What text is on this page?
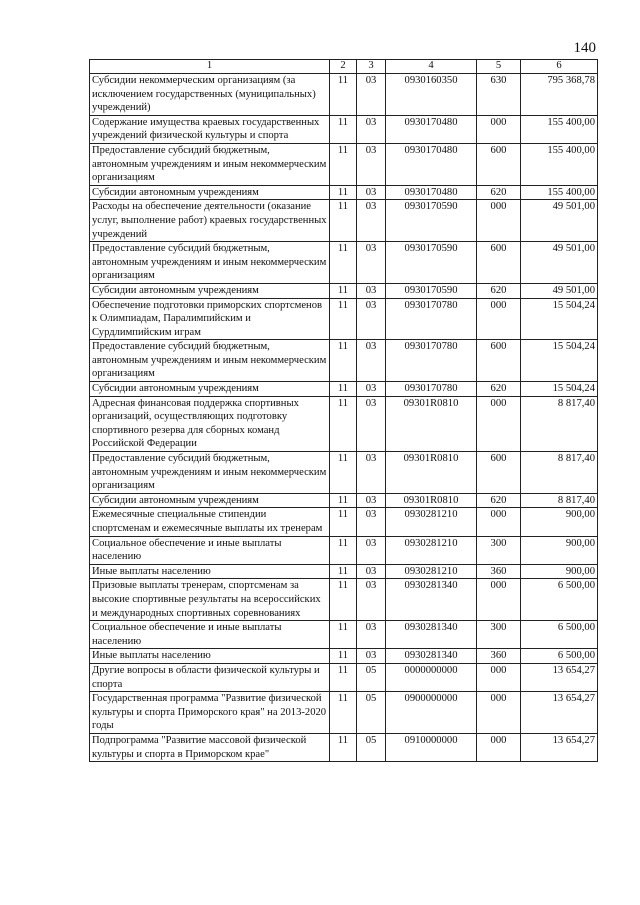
140
1	2	3	4	5	6
Субсидии некоммерческим организациям (за исключением государственных (муниципальных) учреждений)	11	03	0930160350	630	795 368,78
Содержание имущества краевых государственных учреждений физической культуры и спорта	11	03	0930170480	000	155 400,00
Предоставление субсидий бюджетным, автономным учреждениям и иным некоммерческим организациям	11	03	0930170480	600	155 400,00
Субсидии автономным учреждениям	11	03	0930170480	620	155 400,00
Расходы на обеспечение деятельности (оказание услуг, выполнение работ) краевых государственных учреждений	11	03	0930170590	000	49 501,00
Предоставление субсидий бюджетным, автономным учреждениям и иным некоммерческим организациям	11	03	0930170590	600	49 501,00
Субсидии автономным учреждениям	11	03	0930170590	620	49 501,00
Обеспечение подготовки приморских спортсменов к Олимпиадам, Паралимпийским и Сурдлимпийским играм	11	03	0930170780	000	15 504,24
Предоставление субсидий бюджетным, автономным учреждениям и иным некоммерческим организациям	11	03	0930170780	600	15 504,24
Субсидии автономным учреждениям	11	03	0930170780	620	15 504,24
Адресная финансовая поддержка спортивных организаций, осуществляющих подготовку спортивного резерва для сборных команд Российской Федерации	11	03	09301R0810	000	8 817,40
Предоставление субсидий бюджетным, автономным учреждениям и иным некоммерческим организациям	11	03	09301R0810	600	8 817,40
Субсидии автономным учреждениям	11	03	09301R0810	620	8 817,40
Ежемесячные специальные стипендии спортсменам и ежемесячные выплаты их тренерам	11	03	0930281210	000	900,00
Социальное обеспечение и иные выплаты населению	11	03	0930281210	300	900,00
Иные выплаты населению	11	03	0930281210	360	900,00
Призовые выплаты тренерам, спортсменам за высокие спортивные результаты на всероссийских и международных спортивных соревнованиях	11	03	0930281340	000	6 500,00
Социальное обеспечение и иные выплаты населению	11	03	0930281340	300	6 500,00
Иные выплаты населению	11	03	0930281340	360	6 500,00
Другие вопросы в области физической культуры и спорта	11	05	0000000000	000	13 654,27
Государственная программа "Развитие физической культуры и спорта Приморского края" на 2013-2020 годы	11	05	0900000000	000	13 654,27
Подпрограмма "Развитие массовой физической культуры и спорта в Приморском крае"	11	05	0910000000	000	13 654,27
